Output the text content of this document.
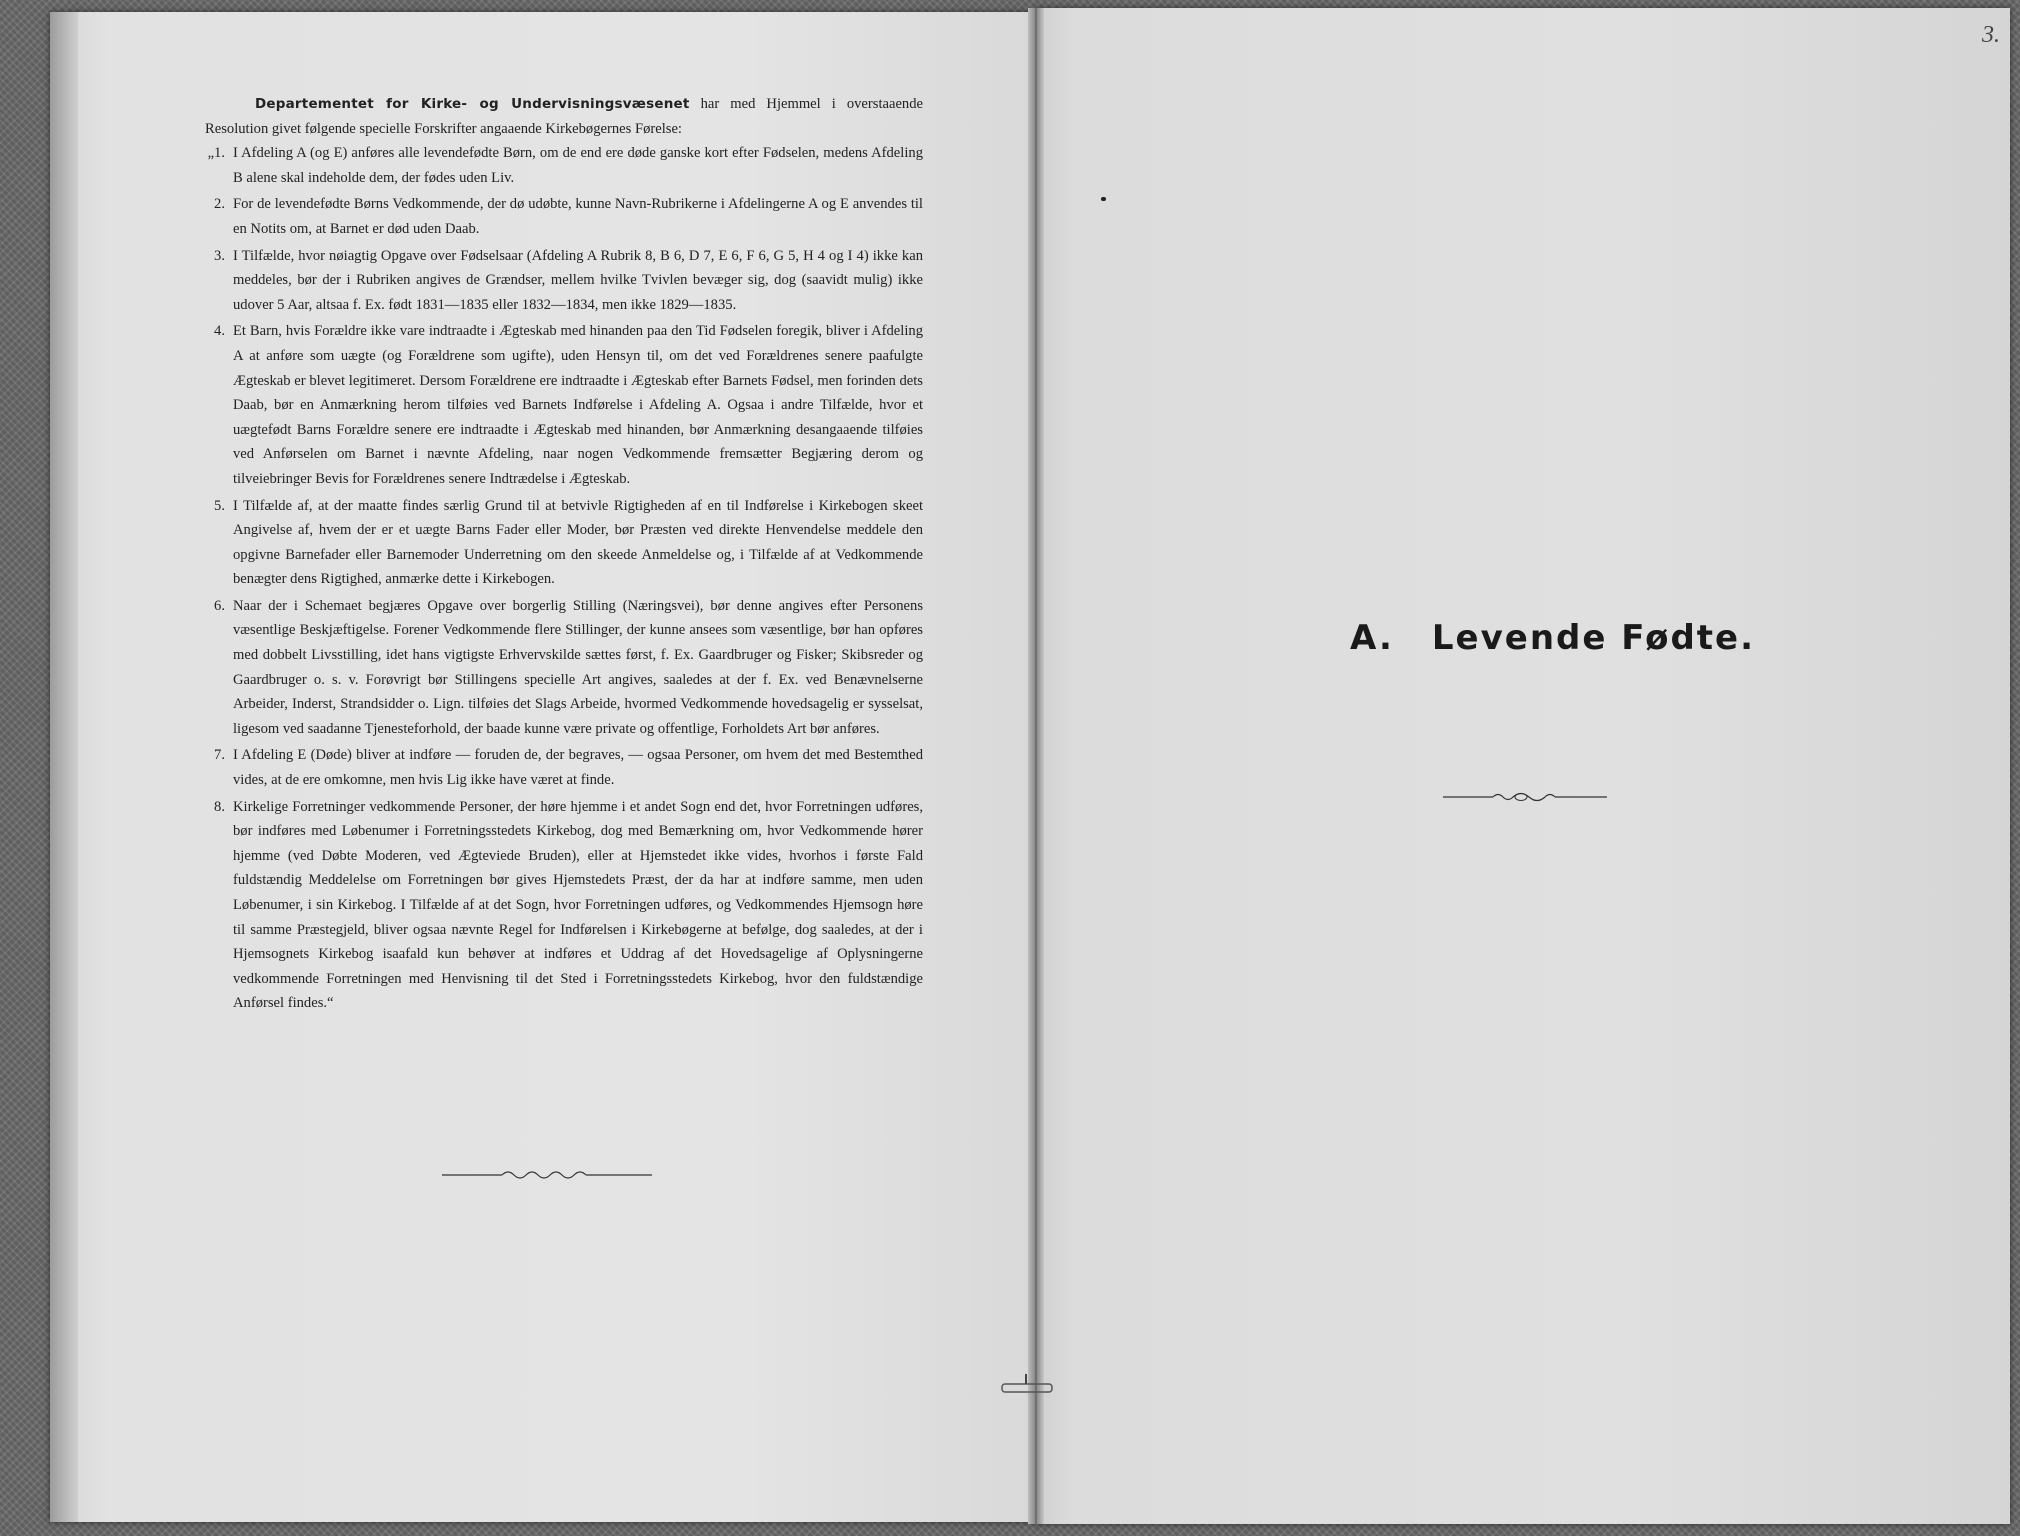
Departementet for Kirke- og Undervisningsvæsenet har med Hjemmel i overstaaende Resolution givet følgende specielle Forskrifter angaaende Kirkebøgernes Førelse:

„1. I Afdeling A (og E) anføres alle levendefødte Børn, om de end ere døde ganske kort efter Fødselen, medens Afdeling B alene skal indeholde dem, der fødes uden Liv.
2. For de levendefødte Børns Vedkommende, der dø udøbte, kunne Navn-Rubrikerne i Afdelingerne A og E anvendes til en Notits om, at Barnet er død uden Daab.
3. I Tilfælde, hvor nøiagtig Opgave over Fødselsaar (Afdeling A Rubrik 8, B 6, D 7, E 6, F 6, G 5, H 4 og I 4) ikke kan meddeles, bør der i Rubriken angives de Grændser, mellem hvilke Tvivlen bevæger sig, dog (saavidt mulig) ikke udover 5 Aar, altsaa f. Ex. født 1831—1835 eller 1832—1834, men ikke 1829—1835.
4. Et Barn, hvis Forældre ikke vare indtraadte i Ægteskab med hinanden paa den Tid Fødselen foregik, bliver i Afdeling A at anføre som uægte (og Forældrene som ugifte), uden Hensyn til, om det ved Forældrenes senere paafulgte Ægteskab er blevet legitimeret. Dersom Forældrene ere indtraadte i Ægteskab efter Barnets Fødsel, men forinden dets Daab, bør en Anmærkning herom tilføies ved Barnets Indførelse i Afdeling A. Ogsaa i andre Tilfælde, hvor et uægtefødt Barns Forældre senere ere indtraadte i Ægteskab med hinanden, bør Anmærkning desangaaende tilføies ved Anførselen om Barnet i nævnte Afdeling, naar nogen Vedkommende fremsætter Begjæring derom og tilveiebringer Bevis for Forældrenes senere Indtrædelse i Ægteskab.
5. I Tilfælde af, at der maatte findes særlig Grund til at betvivle Rigtigheden af en til Indførelse i Kirkebogen skeet Angivelse af, hvem der er et uægte Barns Fader eller Moder, bør Præsten ved direkte Henvendelse meddele den opgivne Barnefader eller Barnemoder Underretning om den skeede Anmeldelse og, i Tilfælde af at Vedkommende benægter dens Rigtighed, anmærke dette i Kirkebogen.
6. Naar der i Schemaet begjæres Opgave over borgerlig Stilling (Næringsvei), bør denne angives efter Personens væsentlige Beskjæftigelse. Forener Vedkommende flere Stillinger, der kunne ansees som væsentlige, bør han opføres med dobbelt Livsstilling, idet hans vigtigste Erhvervskilde sættes først, f. Ex. Gaardbruger og Fisker; Skibsreder og Gaardbruger o. s. v. Forøvrigt bør Stillingens specielle Art angives, saaledes at der f. Ex. ved Benævnelserne Arbeider, Inderst, Strandsidder o. Lign. tilføies det Slags Arbeide, hvormed Vedkommende hovedsagelig er sysselsat, ligesom ved saadanne Tjenesteforhold, der baade kunne være private og offentlige, Forholdets Art bør anføres.
7. I Afdeling E (Døde) bliver at indføre — foruden de, der begraves, — ogsaa Personer, om hvem det med Bestemthed vides, at de ere omkomne, men hvis Lig ikke have været at finde.
8. Kirkelige Forretninger vedkommende Personer, der høre hjemme i et andet Sogn end det, hvor Forretningen udføres, bør indføres med Løbenumer i Forretningsstedets Kirkebog, dog med Bemærkning om, hvor Vedkommende hører hjemme (ved Døbte Moderen, ved Ægteviede Bruden), eller at Hjemstedet ikke vides, hvorhos i første Fald fuldstændig Meddelelse om Forretningen bør gives Hjemstedets Præst, der da har at indføre samme, men uden Løbenumer, i sin Kirkebog. I Tilfælde af at det Sogn, hvor Forretningen udføres, og Vedkommendes Hjemsogn høre til samme Præstegjeld, bliver ogsaa nævnte Regel for Indførelsen i Kirkebøgerne at befølge, dog saaledes, at der i Hjemsognets Kirkebog isaafald kun behøver at indføres et Uddrag af det Hovedsagelige af Oplysningerne vedkommende Forretningen med Henvisning til det Sted i Forretningsstedets Kirkebog, hvor den fuldstændige Anførsel findes.“
A. Levende Fødte.
3.
